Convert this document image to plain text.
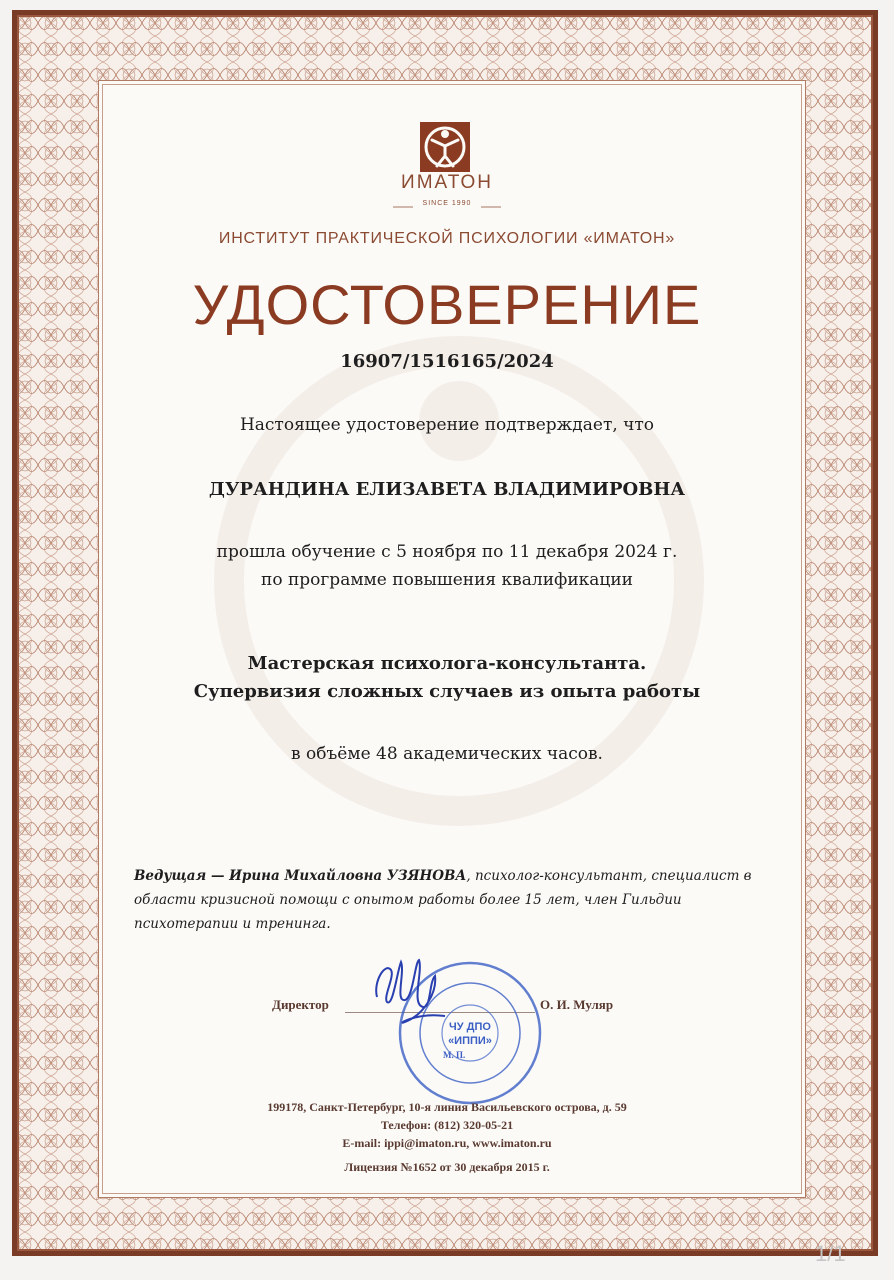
ИМАТОН
SINCE 1990
ИНСТИТУТ ПРАКТИЧЕСКОЙ ПСИХОЛОГИИ «ИМАТОН»
УДОСТОВЕРЕНИЕ
16907/1516165/2024
Настоящее удостоверение подтверждает, что
ДУРАНДИНА ЕЛИЗАВЕТА ВЛАДИМИРОВНА
прошла обучение с 5 ноября по 11 декабря 2024 г.
по программе повышения квалификации
Мастерская психолога-консультанта.
Супервизия сложных случаев из опыта работы
в объёме 48 академических часов.
Ведущая — Ирина Михайловна УЗЯНОВА, психолог-консультант, специалист в области кризисной помощи с опытом работы более 15 лет, член Гильдии психотерапии и тренинга.
Директор	О. И. Муляр
ЧУ ДПО
«ИППИ»
М. П.
199178, Санкт-Петербург, 10-я линия Васильевского острова, д. 59
Телефон: (812) 320-05-21
E-mail: ippi@imaton.ru, www.imaton.ru
Лицензия №1652 от 30 декабря 2015 г.
1/1
